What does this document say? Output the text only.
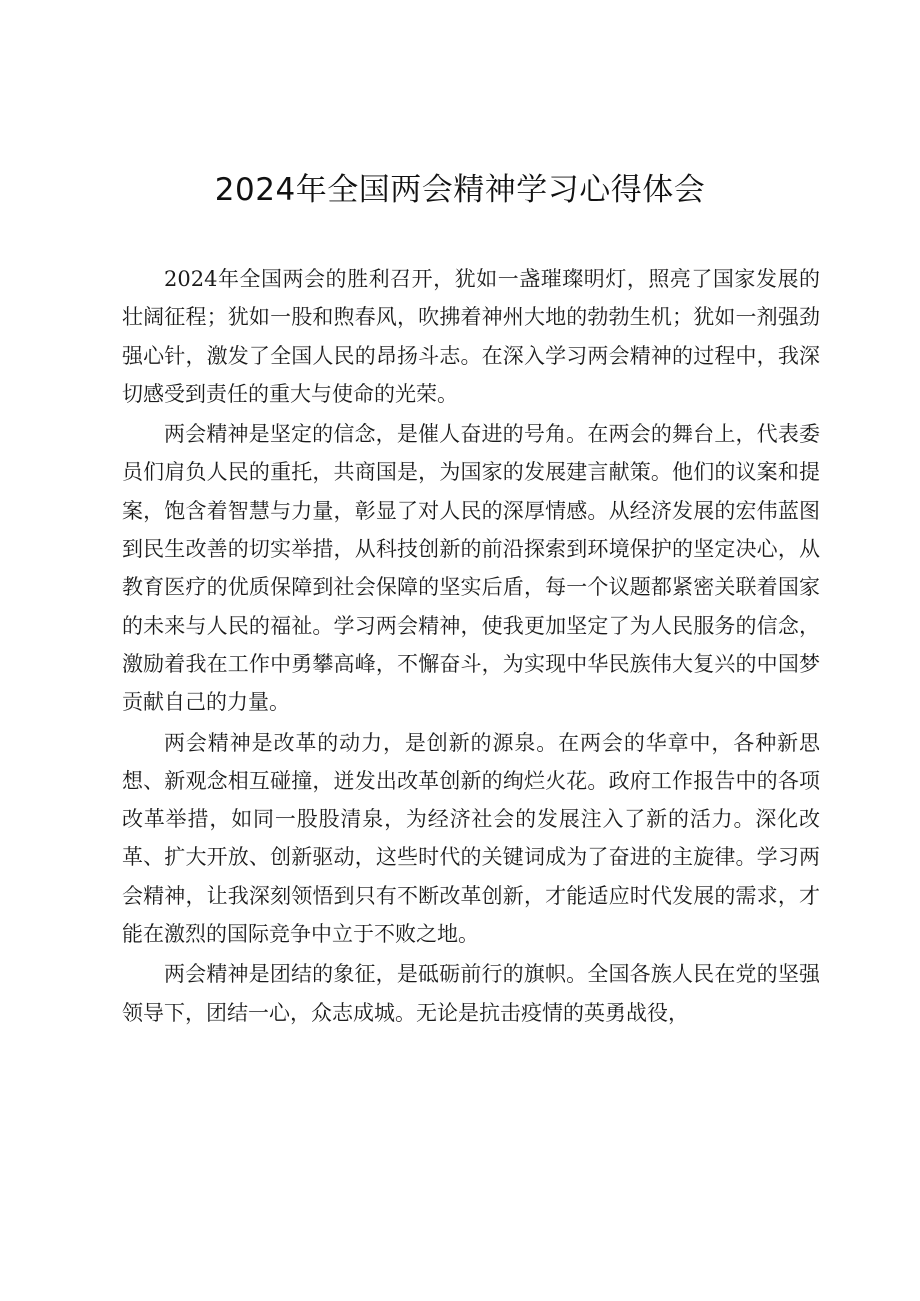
2024年全国两会精神学习心得体会

2024年全国两会的胜利召开，犹如一盏璀璨明灯，照亮了国家发展的壮阔征程；犹如一股和煦春风，吹拂着神州大地的勃勃生机；犹如一剂强劲强心针，激发了全国人民的昂扬斗志。在深入学习两会精神的过程中，我深切感受到责任的重大与使命的光荣。

两会精神是坚定的信念，是催人奋进的号角。在两会的舞台上，代表委员们肩负人民的重托，共商国是，为国家的发展建言献策。他们的议案和提案，饱含着智慧与力量，彰显了对人民的深厚情感。从经济发展的宏伟蓝图到民生改善的切实举措，从科技创新的前沿探索到环境保护的坚定决心，从教育医疗的优质保障到社会保障的坚实后盾，每一个议题都紧密关联着国家的未来与人民的福祉。学习两会精神，使我更加坚定了为人民服务的信念，激励着我在工作中勇攀高峰，不懈奋斗，为实现中华民族伟大复兴的中国梦贡献自己的力量。

两会精神是改革的动力，是创新的源泉。在两会的华章中，各种新思想、新观念相互碰撞，迸发出改革创新的绚烂火花。政府工作报告中的各项改革举措，如同一股股清泉，为经济社会的发展注入了新的活力。深化改革、扩大开放、创新驱动，这些时代的关键词成为了奋进的主旋律。学习两会精神，让我深刻领悟到只有不断改革创新，才能适应时代发展的需求，才能在激烈的国际竞争中立于不败之地。

两会精神是团结的象征，是砥砺前行的旗帜。全国各族人民在党的坚强领导下，团结一心，众志成城。无论是抗击疫情的英勇战役，
